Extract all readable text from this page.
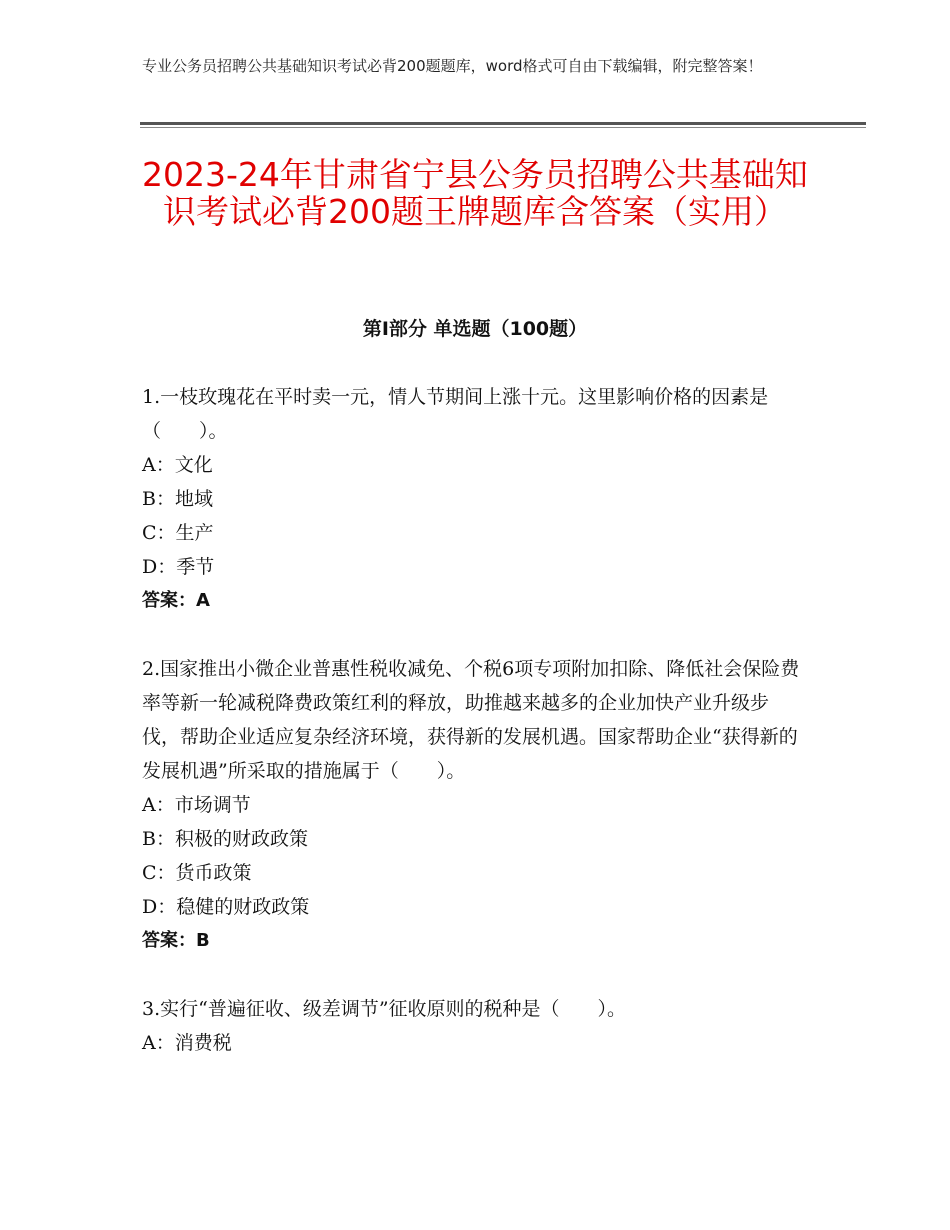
专业公务员招聘公共基础知识考试必背200题题库，word格式可自由下载编辑，附完整答案！
2023-24年甘肃省宁县公务员招聘公共基础知识考试必背200题王牌题库含答案（实用）
第Ⅰ部分 单选题（100题）
1.一枝玫瑰花在平时卖一元，情人节期间上涨十元。这里影响价格的因素是（　　）。
A：文化
B：地域
C：生产
D：季节
答案：A
2.国家推出小微企业普惠性税收减免、个税6项专项附加扣除、降低社会保险费率等新一轮减税降费政策红利的释放，助推越来越多的企业加快产业升级步伐，帮助企业适应复杂经济环境，获得新的发展机遇。国家帮助企业“获得新的发展机遇”所采取的措施属于（　　）。
A：市场调节
B：积极的财政政策
C：货币政策
D：稳健的财政政策
答案：B
3.实行“普遍征收、级差调节”征收原则的税种是（　　）。
A：消费税
